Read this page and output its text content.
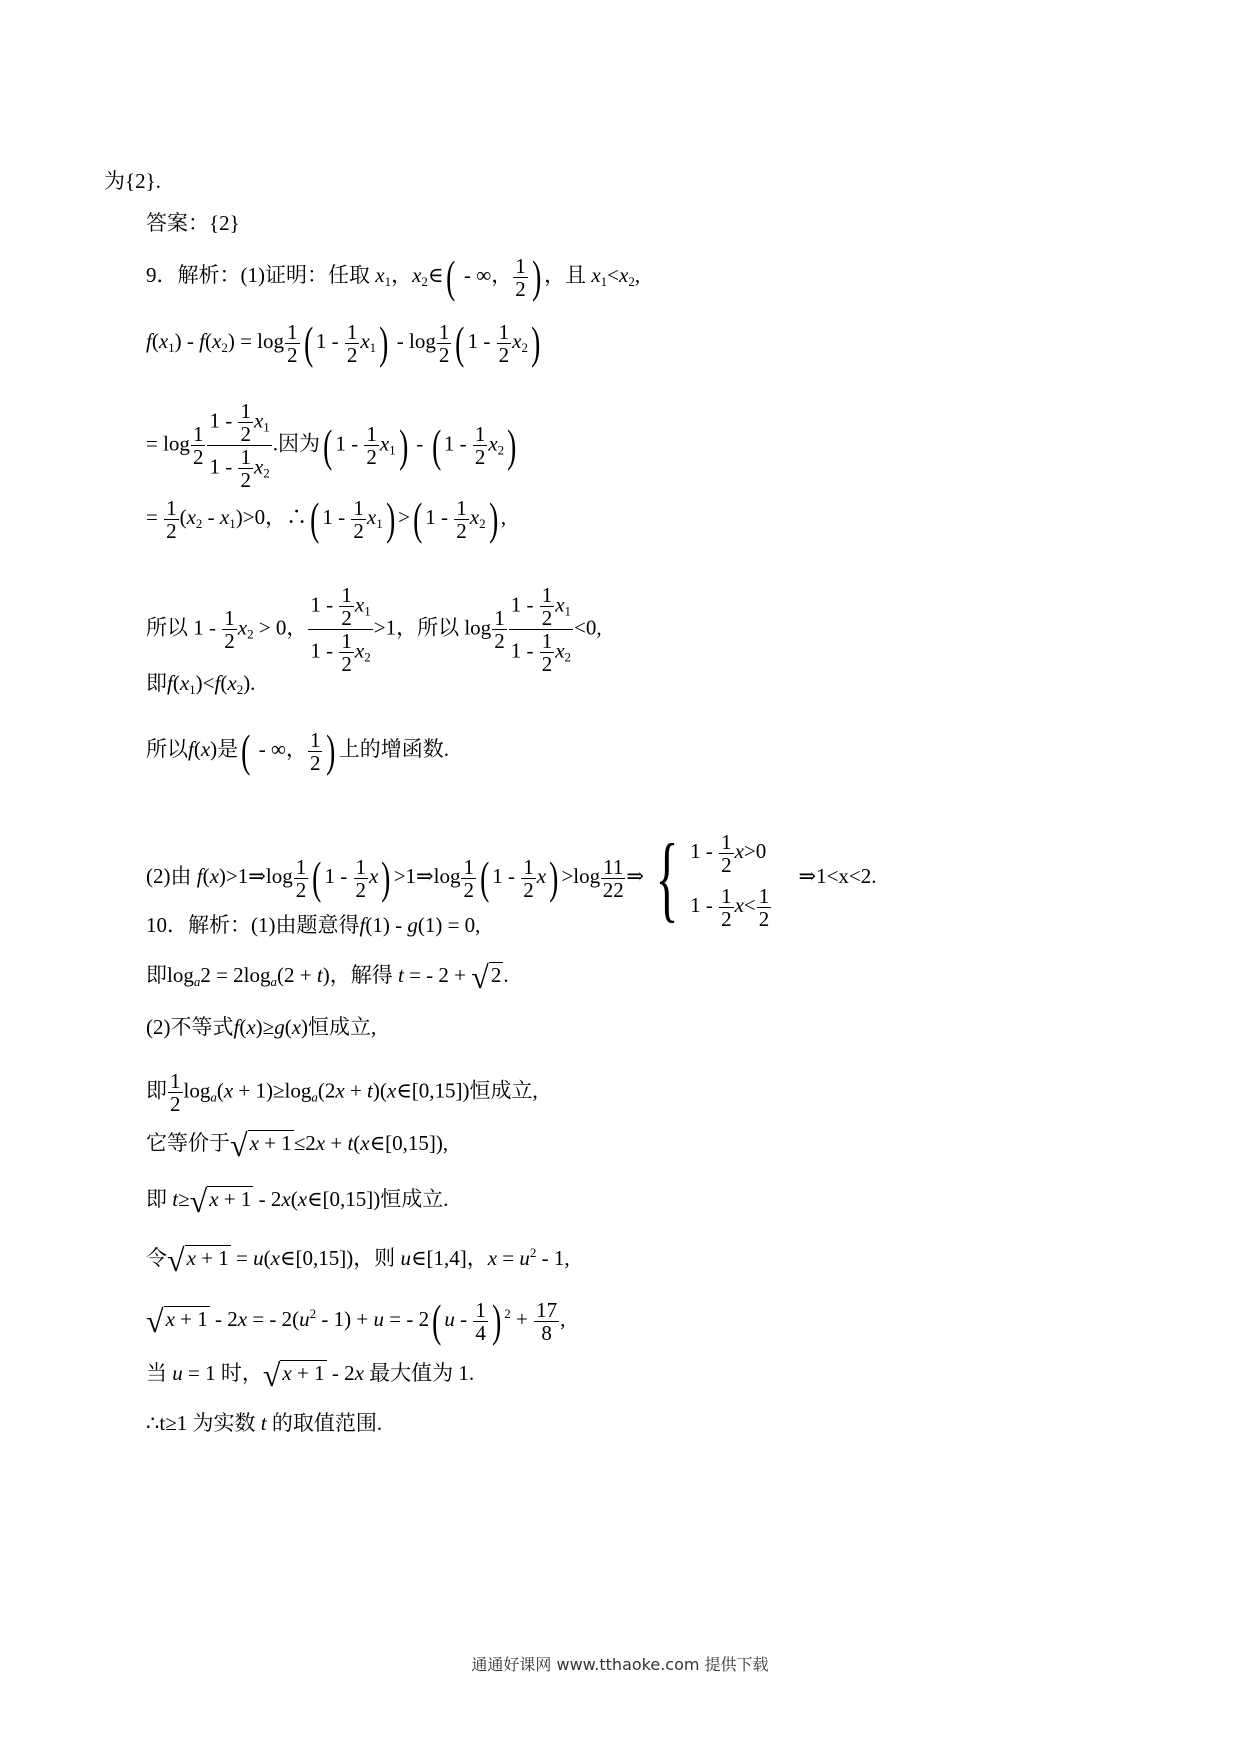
为{2}.
答案：{2}
9．解析：(1)证明：任取 $x_1$，$x_2\in$( - ∞， $\frac{1}{2}$ ) ，且 $x_1<x_2$,
$f(x_1) - f(x_2) = \log \frac{1}{2}$ ( $1 - \frac{1}{2} x_1$) - $\log \frac{1}{2}$ ( $1 - \frac{1}{2} x_2$)
= $\log \frac{1}{2} \frac{1 - \frac{1}{2} x_1}{1 - \frac{1}{2} x_2}$ .因为( $1 - \frac{1}{2} x_1$) - ( $1 - \frac{1}{2} x_2$)
= $\frac{1}{2} (x_2 - x_1)>0$，∴( $1 - \frac{1}{2} x_1$) >( $1 - \frac{1}{2} x_2$) ,
所以 $1 - \frac{1}{2} x_2 > 0$， $\frac{1 - \frac{1}{2} x_1}{1 - \frac{1}{2} x_2} >1$，所以 $\log \frac{1}{2} \frac{1 - \frac{1}{2} x_1}{1 - \frac{1}{2} x_2} <0$,
即$f(x_1)<f(x_2)$.
所以f(x)是( - ∞， $\frac{1}{2}$ ) 上的增函数.
(2)由 f(x)>1⇒log $\frac{1}{2}$ ( $1 - \frac{1}{2} x$) >1⇒log $\frac{1}{2}$ ( $1 - \frac{1}{2} x) >\log \frac{11}{22}$ ⇒ { $1 - \frac{1}{2} x>0$
$1 - \frac{1}{2} x< \frac{1}{2}$
⇒1<x<2.
10．解析：(1)由题意得f(1) - g(1) = 0,
即$\log_a2 = 2\log_a(2 + t)$，解得 t = - 2 + √2.
(2)不等式f(x)≥g(x)恒成立,
即 $\frac{1}{2} \log_a(x + 1)\ge\log_a(2x$ + t)(x∈[0,15])恒成立,
它等价于√x + 1≤2x + t(x∈[0,15]),
即 t≥√x + 1 - 2x(x∈[0,15])恒成立.
令√x + 1 = u(x∈[0,15])，则 u∈[1,4]，$x = u^2 - 1$,
√x + 1 - 2x = - $2(u^2 - 1) + u$ = - 2( u - $\frac{1}{4}$ ) $^2 + \frac{17}{8}$ ,
当 u = 1 时，√x + 1 - 2x 最大值为 1.
∴t≥1 为实数 t 的取值范围.
通通好课网 www.tthaoke.com 提供下载
